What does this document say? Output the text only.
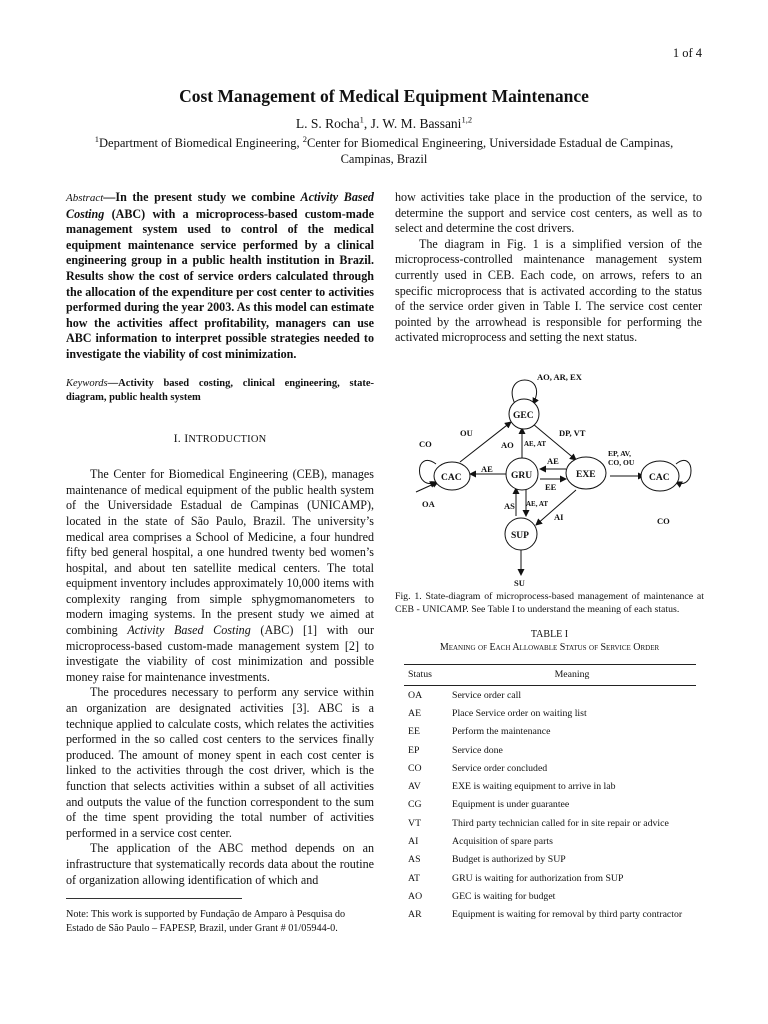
1 of 4
Cost Management of Medical Equipment Maintenance
L. S. Rocha$^1$, J. W. M. Bassani$^{1,2}$
$^1$Department of Biomedical Engineering, $^2$Center for Biomedical Engineering, Universidade Estadual de Campinas,
Campinas, Brazil

Abstract—In the present study we combine Activity Based Costing (ABC) with a microprocess-based custom-made management system used to control of the medical equipment maintenance service performed by a clinical engineering group in a public health institution in Brazil. Results show the cost of service orders calculated through the allocation of the expenditure per cost center to activities performed during the year 2003. As this model can estimate how the activities affect profitability, managers can use ABC information to interpret possible strategies needed to investigate the viability of cost minimization.

Keywords—Activity based costing, clinical engineering, state-diagram, public health system

I. INTRODUCTION

The Center for Biomedical Engineering (CEB), manages maintenance of medical equipment of the public health system of the Universidade Estadual de Campinas (UNICAMP), located in the state of São Paulo, Brazil. The university’s medical area comprises a School of Medicine, a four hundred fifty bed general hospital, a one hundred twenty bed women’s hospital, and about ten satellite medical centers. The total equipment inventory includes approximately 10,000 items with complexity ranging from simple sphygmomanometers to modern imaging systems. In the present study we aimed at combining Activity Based Costing (ABC) [1] with our microprocess-based custom-made management system [2] to investigate the viability of cost minimization and possible money raise for maintenance investments.

The procedures necessary to perform any service within an organization are designated activities [3]. ABC is a technique applied to calculate costs, which relates the activities performed in the so called cost centers to the services finally produced. The amount of money spent in each cost center is linked to the activities through the cost driver, which is the function that selects activities within a subset of all activities and outputs the value of the function correspondent to the sum of the time spent providing the total number of activities performed in a service cost center.

The application of the ABC method depends on an infrastructure that systematically records data about the routine of organization allowing identification of which and

Note: This work is supported by Fundação de Amparo à Pesquisa do Estado de São Paulo – FAPESP, Brazil, under Grant # 01/05944-0.

how activities take place in the production of the service, to determine the support and service cost centers, as well as to select and determine the cost drivers.

The diagram in Fig. 1 is a simplified version of the microprocess-controlled maintenance management system currently used in CEB. Each code, on arrows, refers to an specific microprocess that is activated according to the status of the service order given in Table I. The service cost center pointed by the arrowhead is responsible for performing the activated microprocess and setting the next status.

GEC
CAC	GRU	EXE	CAC
SUP
AO, AR, EX
OU	DP, VT
CO	AO AE, AT
AE
AE
EE
EP, AV,
CO, OU
OA	AS AE, AT
AI	CO
SU
Fig. 1. State-diagram of microprocess-based management of maintenance at CEB - UNICAMP. See Table I to understand the meaning of each status.
TABLE I
Meaning of Each Allowable Status of Service Order
Status	Meaning
OA	Service order call
AE	Place Service order on waiting list
EE	Perform the maintenance
EP	Service done
CO	Service order concluded
AV	EXE is waiting equipment to arrive in lab
CG	Equipment is under guarantee
VT	Third party technician called for in site repair or advice
AI	Acquisition of spare parts
AS	Budget is authorized by SUP
AT	GRU is waiting for authorization from SUP
AO	GEC is waiting for budget
AR	Equipment is waiting for removal by third party contractor
